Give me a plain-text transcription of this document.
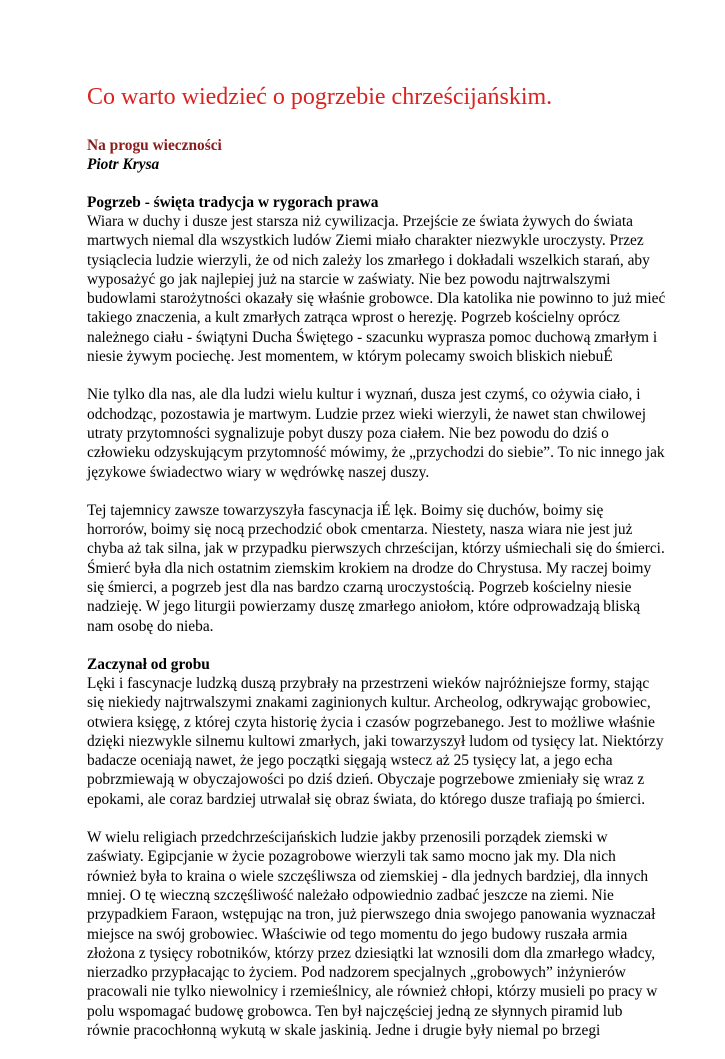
Co warto wiedzieć o pogrzebie chrześcijańskim.
Na progu wieczności
Piotr Krysa
Pogrzeb - święta tradycja w rygorach prawa
Wiara w duchy i dusze jest starsza niż cywilizacja. Przejście ze świata żywych do świata
martwych niemal dla wszystkich ludów Ziemi miało charakter niezwykle uroczysty. Przez
tysiąclecia ludzie wierzyli, że od nich zależy los zmarłego i dokładali wszelkich starań, aby
wyposażyć go jak najlepiej już na starcie w zaświaty. Nie bez powodu najtrwalszymi
budowlami starożytności okazały się właśnie grobowce. Dla katolika nie powinno to już mieć
takiego znaczenia, a kult zmarłych zatrąca wprost o herezję. Pogrzeb kościelny oprócz
należnego ciału - świątyni Ducha Świętego - szacunku wyprasza pomoc duchową zmarłym i
niesie żywym pociechę. Jest momentem, w którym polecamy swoich bliskich niebuÉ
Nie tylko dla nas, ale dla ludzi wielu kultur i wyznań, dusza jest czymś, co ożywia ciało, i
odchodząc, pozostawia je martwym. Ludzie przez wieki wierzyli, że nawet stan chwilowej
utraty przytomności sygnalizuje pobyt duszy poza ciałem. Nie bez powodu do dziś o
człowieku odzyskującym przytomność mówimy, że „przychodzi do siebie”. To nic innego jak
językowe świadectwo wiary w wędrówkę naszej duszy.
Tej tajemnicy zawsze towarzyszyła fascynacja iÉ lęk. Boimy się duchów, boimy się
horrorów, boimy się nocą przechodzić obok cmentarza. Niestety, nasza wiara nie jest już
chyba aż tak silna, jak w przypadku pierwszych chrześcijan, którzy uśmiechali się do śmierci.
Śmierć była dla nich ostatnim ziemskim krokiem na drodze do Chrystusa. My raczej boimy
się śmierci, a pogrzeb jest dla nas bardzo czarną uroczystością. Pogrzeb kościelny niesie
nadzieję. W jego liturgii powierzamy duszę zmarłego aniołom, które odprowadzają bliską
nam osobę do nieba.
Zaczynał od grobu
Lęki i fascynacje ludzką duszą przybrały na przestrzeni wieków najróżniejsze formy, stając
się niekiedy najtrwalszymi znakami zaginionych kultur. Archeolog, odkrywając grobowiec,
otwiera księgę, z której czyta historię życia i czasów pogrzebanego. Jest to możliwe właśnie
dzięki niezwykle silnemu kultowi zmarłych, jaki towarzyszył ludom od tysięcy lat. Niektórzy
badacze oceniają nawet, że jego początki sięgają wstecz aż 25 tysięcy lat, a jego echa
pobrzmiewają w obyczajowości po dziś dzień. Obyczaje pogrzebowe zmieniały się wraz z
epokami, ale coraz bardziej utrwalał się obraz świata, do którego dusze trafiają po śmierci.
W wielu religiach przedchrześcijańskich ludzie jakby przenosili porządek ziemski w
zaświaty. Egipcjanie w życie pozagrobowe wierzyli tak samo mocno jak my. Dla nich
również była to kraina o wiele szczęśliwsza od ziemskiej - dla jednych bardziej, dla innych
mniej. O tę wieczną szczęśliwość należało odpowiednio zadbać jeszcze na ziemi. Nie
przypadkiem Faraon, wstępując na tron, już pierwszego dnia swojego panowania wyznaczał
miejsce na swój grobowiec. Właściwie od tego momentu do jego budowy ruszała armia
złożona z tysięcy robotników, którzy przez dziesiątki lat wznosili dom dla zmarłego władcy,
nierzadko przypłacając to życiem. Pod nadzorem specjalnych „grobowych” inżynierów
pracowali nie tylko niewolnicy i rzemieślnicy, ale również chłopi, którzy musieli po pracy w
polu wspomagać budowę grobowca. Ten był najczęściej jedną ze słynnych piramid lub
równie pracochłonną wykutą w skale jaskinią. Jedne i drugie były niemal po brzegi
